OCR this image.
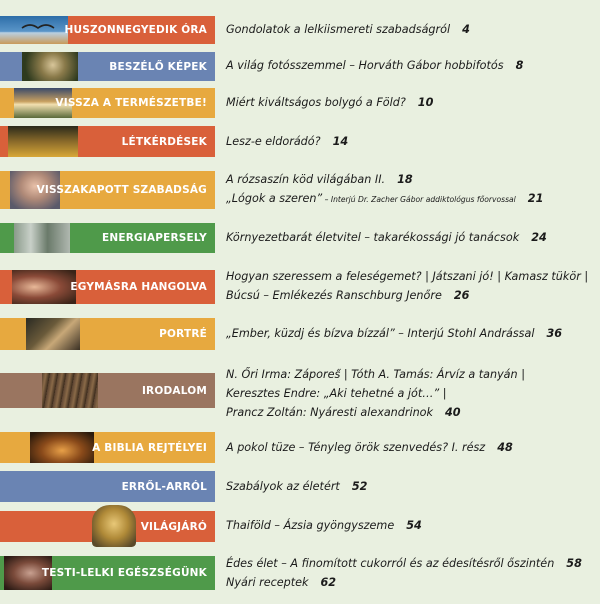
HUSZONNEGYEDIK ÓRA Gondolatok a lelkiismereti szabadságról 4
BESZÉLŐ KÉPEK A világ fotósszemmel – Horváth Gábor hobbifotós 8
VISSZA A TERMÉSZETBE! Miért kiváltságos bolygó a Föld? 10
LÉTKÉRDÉSEK Lesz-e eldorádó? 14
VISSZAKAPOTT SZABADSÁG
A rózsaszín köd világában II. 18
„Lógok a szeren” – Interjú Dr. Zacher Gábor addiktológus főorvossal 21
ENERGIAPERSELY Környezetbarát életvitel – takarékossági jó tanácsok 24
EGYMÁSRA HANGOLVA
Hogyan szeressem a feleségemet? | Játszani jó! | Kamasz tükör |
Búcsú – Emlékezés Ranschburg Jenőre 26
PORTRÉ „Ember, küzdj és bízva bízzál” – Interjú Stohl Andrással 36
IRODALOM
N. Őri Irma: Zápores̋ | Tóth A. Tamás: Árvíz a tanyán |
Keresztes Endre: „Aki tehetné a jót…” |
Prancz Zoltán: Nyáresti alexandrinok 40
A BIBLIA REJTÉLYEI A pokol tüze – Tényleg örök szenvedés? I. rész 48
ERRŐL-ARRÓL Szabályok az életért 52
VILÁGJÁRÓ Thaiföld – Ázsia gyöngyszeme 54
TESTI-LELKI EGÉSZSÉGÜNK
Édes élet – A finomított cukorról és az édesítésről őszintén 58
Nyári receptek 62
